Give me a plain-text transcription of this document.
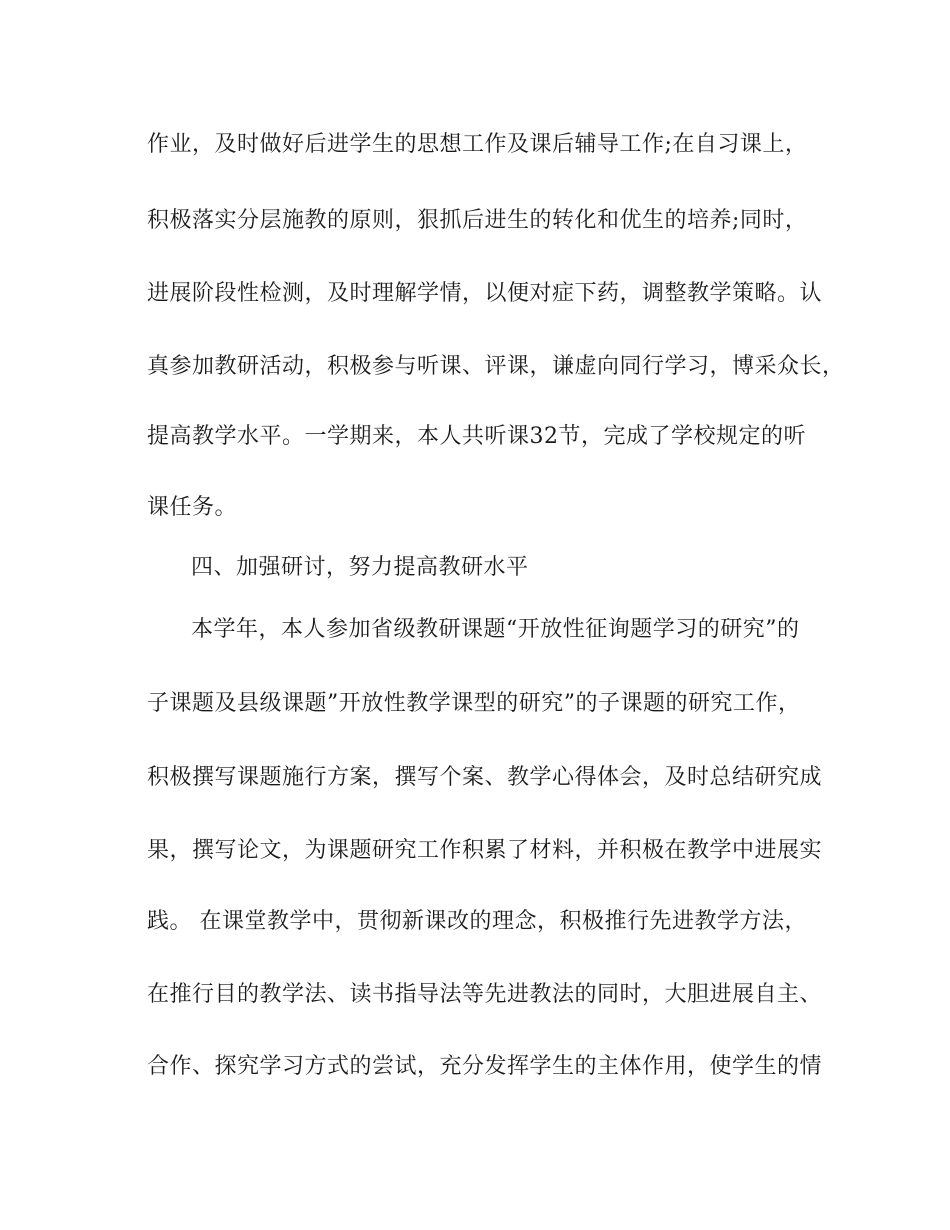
作业，及时做好后进学生的思想工作及课后辅导工作;在自习课上，

积极落实分层施教的原则，狠抓后进生的转化和优生的培养;同时，

进展阶段性检测，及时理解学情，以便对症下药，调整教学策略。认

真参加教研活动，积极参与听课、评课，谦虚向同行学习，博采众长，

提高教学水平。一学期来，本人共听课32节，完成了学校规定的听

课任务。

四、加强研讨，努力提高教研水平

本学年，本人参加省级教研课题“开放性征询题学习的研究”的

子课题及县级课题”开放性教学课型的研究”的子课题的研究工作，

积极撰写课题施行方案，撰写个案、教学心得体会，及时总结研究成

果，撰写论文，为课题研究工作积累了材料，并积极在教学中进展实

践。 在课堂教学中，贯彻新课改的理念，积极推行先进教学方法，

在推行目的教学法、读书指导法等先进教法的同时，大胆进展自主、

合作、探究学习方式的尝试，充分发挥学生的主体作用，使学生的情
